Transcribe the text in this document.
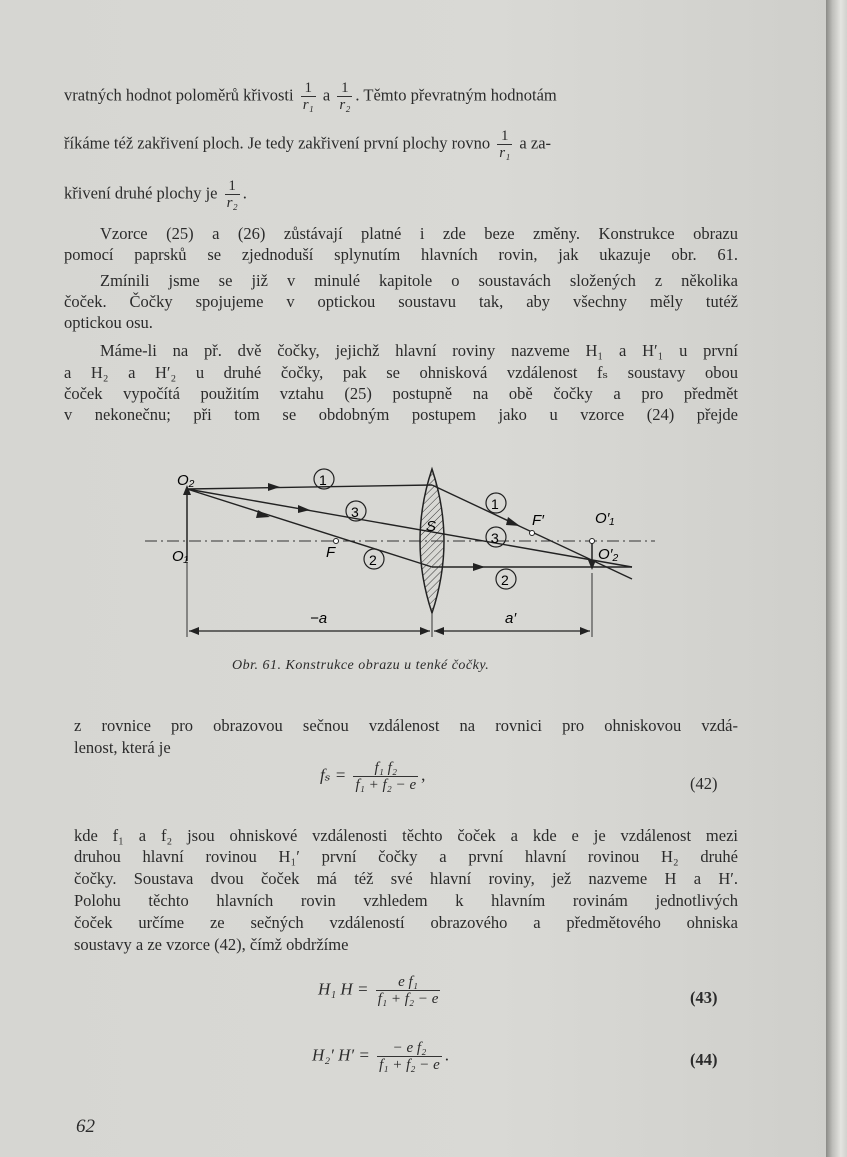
vratných hodnot poloměrů křivosti $\frac{1}{\text{r₁}}$ a $\frac{1}{\text{r₂}}$ . Těmto převratným hodnotám
říkáme též zakřivení ploch. Je tedy zakřivení první plochy rovno $\frac{1}{\text{r₁}}$ a za-
křivení druhé plochy je $\frac{1}{\text{r₂}}$ .
Vzorce (25) a (26) zůstávají platné i zde beze změny. Konstrukce obrazu
pomocí paprsků se zjednoduší splynutím hlavních rovin, jak ukazuje obr. 61.
Zmínili jsme se již v minulé kapitole o soustavách složených z několika
čoček. Čočky spojujeme v optickou soustavu tak, aby všechny měly tutéž
optickou osu.
Máme-li na př. dvě čočky, jejichž hlavní roviny nazveme H₁ a H′₁ u první
a H₂ a H′₂ u druhé čočky, pak se ohnisková vzdálenost fₛ soustavy obou
čoček vypočítá použitím vztahu (25) postupně na obě čočky a pro předmět
v nekonečnu; při tom se obdobným postupem jako u vzorce (24) přejde
O₂
O₁	F
S	F′	O′₁
O′₂
1
3
2
1
3
2
−a	a′
Obr. 61. Konstrukce obrazu u tenké čočky.
z rovnice pro obrazovou sečnou vzdálenost na rovnici pro ohniskovou vzdá-
lenost, která je
$f_s = \frac{\text{f₁ f₂}}{\text{f₁ + f₂ − e}}$ ,	(42)
kde f₁ a f₂ jsou ohniskové vzdálenosti těchto čoček a kde e je vzdálenost mezi
druhou hlavní rovinou H₁′ první čočky a první hlavní rovinou H₂ druhé
čočky. Soustava dvou čoček má též své hlavní roviny, jež nazveme H a H′.
Polohu těchto hlavních rovin vzhledem k hlavním rovinám jednotlivých
čoček určíme ze sečných vzdáleností obrazového a předmětového ohniska
soustavy a ze vzorce (42), čímž obdržíme
H₁ $H = \frac{\text{e f₁}}{\text{f₁ + f₂ − e}}$	(43)
H₂′ $H' = \frac{\text{− e f₂}}{\text{f₁ + f₂ − e}}$ .	(44)
62
